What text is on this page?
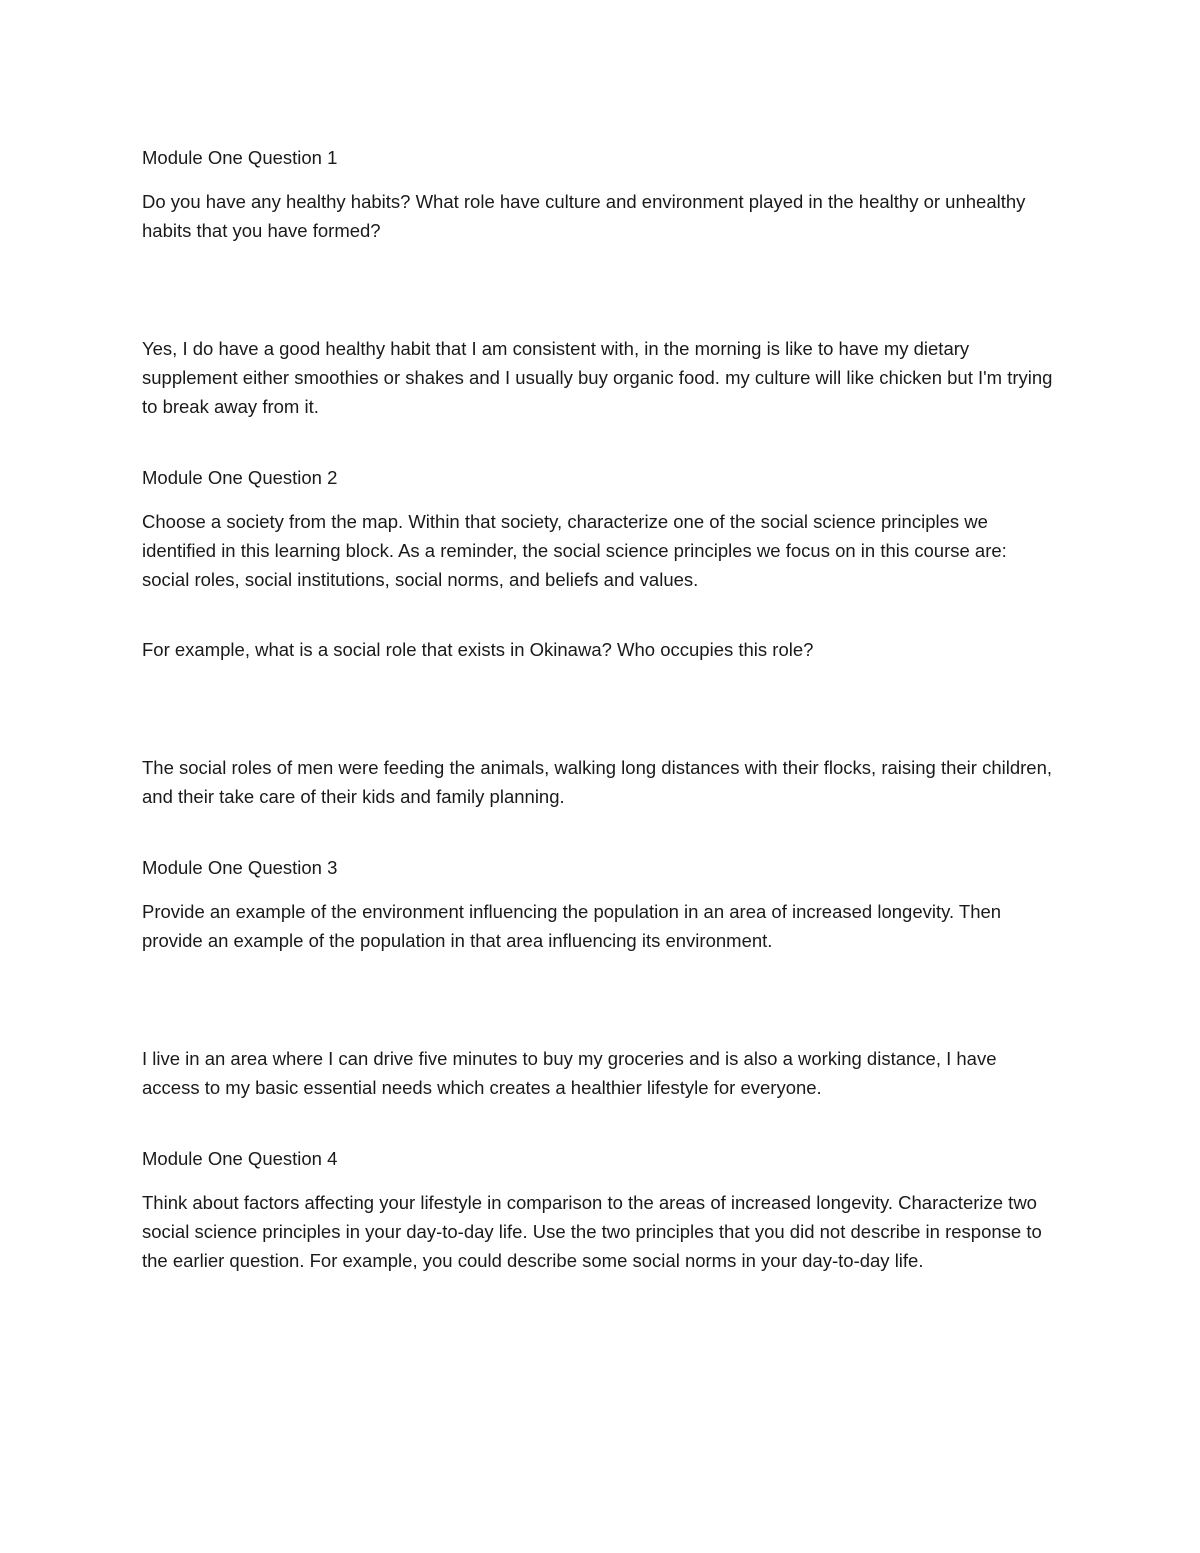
Module One Question 1

Do you have any healthy habits? What role have culture and environment played in the healthy or unhealthy habits that you have formed?

Yes, I do have a good healthy habit that I am consistent with, in the morning is like to have my dietary supplement either smoothies or shakes and I usually buy organic food. my culture will like chicken but I'm trying to break away from it.

Module One Question 2

Choose a society from the map. Within that society, characterize one of the social science principles we identified in this learning block. As a reminder, the social science principles we focus on in this course are: social roles, social institutions, social norms, and beliefs and values.

For example, what is a social role that exists in Okinawa? Who occupies this role?

The social roles of men were feeding the animals, walking long distances with their flocks, raising their children, and their take care of their kids and family planning.

Module One Question 3

Provide an example of the environment influencing the population in an area of increased longevity. Then provide an example of the population in that area influencing its environment.

I live in an area where I can drive five minutes to buy my groceries and is also a working distance, I have access to my basic essential needs which creates a healthier lifestyle for everyone.

Module One Question 4

Think about factors affecting your lifestyle in comparison to the areas of increased longevity. Characterize two social science principles in your day-to-day life. Use the two principles that you did not describe in response to the earlier question. For example, you could describe some social norms in your day-to-day life.
